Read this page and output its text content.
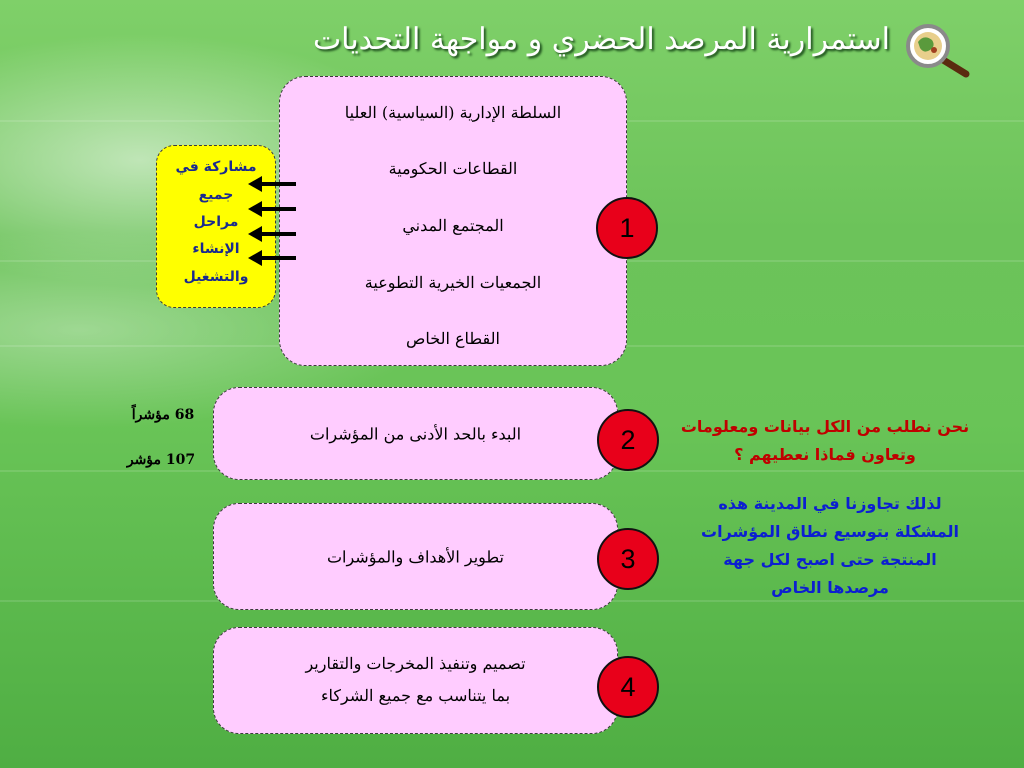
استمرارية المرصد الحضري و مواجهة التحديات
السلطة الإدارية (السياسية) العليا
القطاعات الحكومية
المجتمع المدني
الجمعيات الخيرية التطوعية
القطاع الخاص
مشاركة في
جميع
مراحل
الإنشاء
والتشغيل
1
البدء بالحد الأدنى من المؤشرات	2
تطوير الأهداف والمؤشرات	3
تصميم وتنفيذ المخرجات والتقارير
بما يتناسب مع جميع الشركاء	4
68 مؤشراً
107 مؤشر
نحن نطلب من الكل بيانات ومعلومات
وتعاون فماذا نعطيهم ؟
لذلك تجاوزنا في المدينة هذه
المشكلة بتوسيع نطاق المؤشرات
المنتجة حتى اصبح لكل جهة
مرصدها الخاص
